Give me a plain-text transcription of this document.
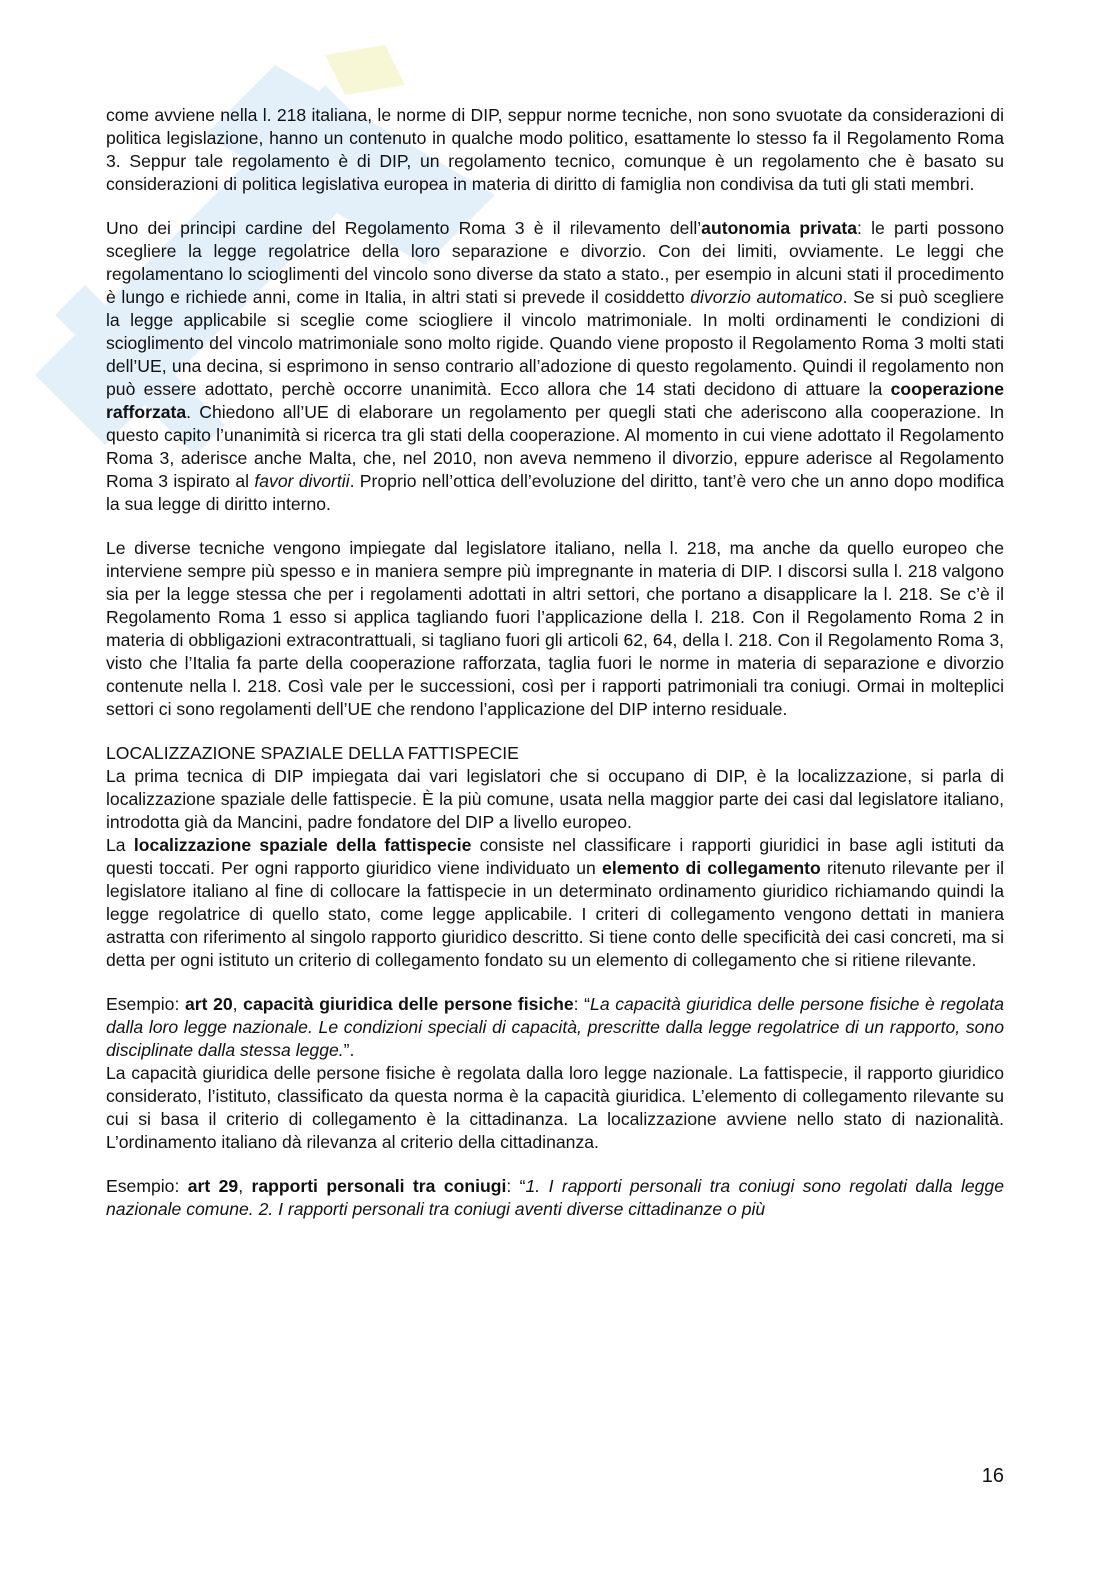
come avviene nella l. 218 italiana, le norme di DIP, seppur norme tecniche, non sono svuotate da considerazioni di politica legislazione, hanno un contenuto in qualche modo politico, esattamente lo stesso fa il Regolamento Roma 3. Seppur tale regolamento è di DIP, un regolamento tecnico, comunque è un regolamento che è basato su considerazioni di politica legislativa europea in materia di diritto di famiglia non condivisa da tuti gli stati membri.

Uno dei principi cardine del Regolamento Roma 3 è il rilevamento dell’autonomia privata: le parti possono scegliere la legge regolatrice della loro separazione e divorzio. Con dei limiti, ovviamente. Le leggi che regolamentano lo scioglimenti del vincolo sono diverse da stato a stato., per esempio in alcuni stati il procedimento è lungo e richiede anni, come in Italia, in altri stati si prevede il cosiddetto divorzio automatico. Se si può scegliere la legge applicabile si sceglie come sciogliere il vincolo matrimoniale. In molti ordinamenti le condizioni di scioglimento del vincolo matrimoniale sono molto rigide. Quando viene proposto il Regolamento Roma 3 molti stati dell’UE, una decina, si esprimono in senso contrario all’adozione di questo regolamento. Quindi il regolamento non può essere adottato, perchè occorre unanimità. Ecco allora che 14 stati decidono di attuare la cooperazione rafforzata. Chiedono all’UE di elaborare un regolamento per quegli stati che aderiscono alla cooperazione. In questo capito l’unanimità si ricerca tra gli stati della cooperazione. Al momento in cui viene adottato il Regolamento Roma 3, aderisce anche Malta, che, nel 2010, non aveva nemmeno il divorzio, eppure aderisce al Regolamento Roma 3 ispirato al favor divortii. Proprio nell’ottica dell’evoluzione del diritto, tant’è vero che un anno dopo modifica la sua legge di diritto interno.

Le diverse tecniche vengono impiegate dal legislatore italiano, nella l. 218, ma anche da quello europeo che interviene sempre più spesso e in maniera sempre più impregnante in materia di DIP. I discorsi sulla l. 218 valgono sia per la legge stessa che per i regolamenti adottati in altri settori, che portano a disapplicare la l. 218. Se c’è il Regolamento Roma 1 esso si applica tagliando fuori l’applicazione della l. 218. Con il Regolamento Roma 2 in materia di obbligazioni extracontrattuali, si tagliano fuori gli articoli 62, 64, della l. 218. Con il Regolamento Roma 3, visto che l’Italia fa parte della cooperazione rafforzata, taglia fuori le norme in materia di separazione e divorzio contenute nella l. 218. Così vale per le successioni, così per i rapporti patrimoniali tra coniugi. Ormai in molteplici settori ci sono regolamenti dell’UE che rendono l’applicazione del DIP interno residuale.

LOCALIZZAZIONE SPAZIALE DELLA FATTISPECIE

La prima tecnica di DIP impiegata dai vari legislatori che si occupano di DIP, è la localizzazione, si parla di localizzazione spaziale delle fattispecie. È la più comune, usata nella maggior parte dei casi dal legislatore italiano, introdotta già da Mancini, padre fondatore del DIP a livello europeo.

La localizzazione spaziale della fattispecie consiste nel classificare i rapporti giuridici in base agli istituti da questi toccati. Per ogni rapporto giuridico viene individuato un elemento di collegamento ritenuto rilevante per il legislatore italiano al fine di collocare la fattispecie in un determinato ordinamento giuridico richiamando quindi la legge regolatrice di quello stato, come legge applicabile. I criteri di collegamento vengono dettati in maniera astratta con riferimento al singolo rapporto giuridico descritto. Si tiene conto delle specificità dei casi concreti, ma si detta per ogni istituto un criterio di collegamento fondato su un elemento di collegamento che si ritiene rilevante.

Esempio: art 20, capacità giuridica delle persone fisiche: “La capacità giuridica delle persone fisiche è regolata dalla loro legge nazionale. Le condizioni speciali di capacità, prescritte dalla legge regolatrice di un rapporto, sono disciplinate dalla stessa legge.”.

La capacità giuridica delle persone fisiche è regolata dalla loro legge nazionale. La fattispecie, il rapporto giuridico considerato, l’istituto, classificato da questa norma è la capacità giuridica. L’elemento di collegamento rilevante su cui si basa il criterio di collegamento è la cittadinanza. La localizzazione avviene nello stato di nazionalità. L’ordinamento italiano dà rilevanza al criterio della cittadinanza.

Esempio: art 29, rapporti personali tra coniugi: “1. I rapporti personali tra coniugi sono regolati dalla legge nazionale comune. 2. I rapporti personali tra coniugi aventi diverse cittadinanze o più

16
